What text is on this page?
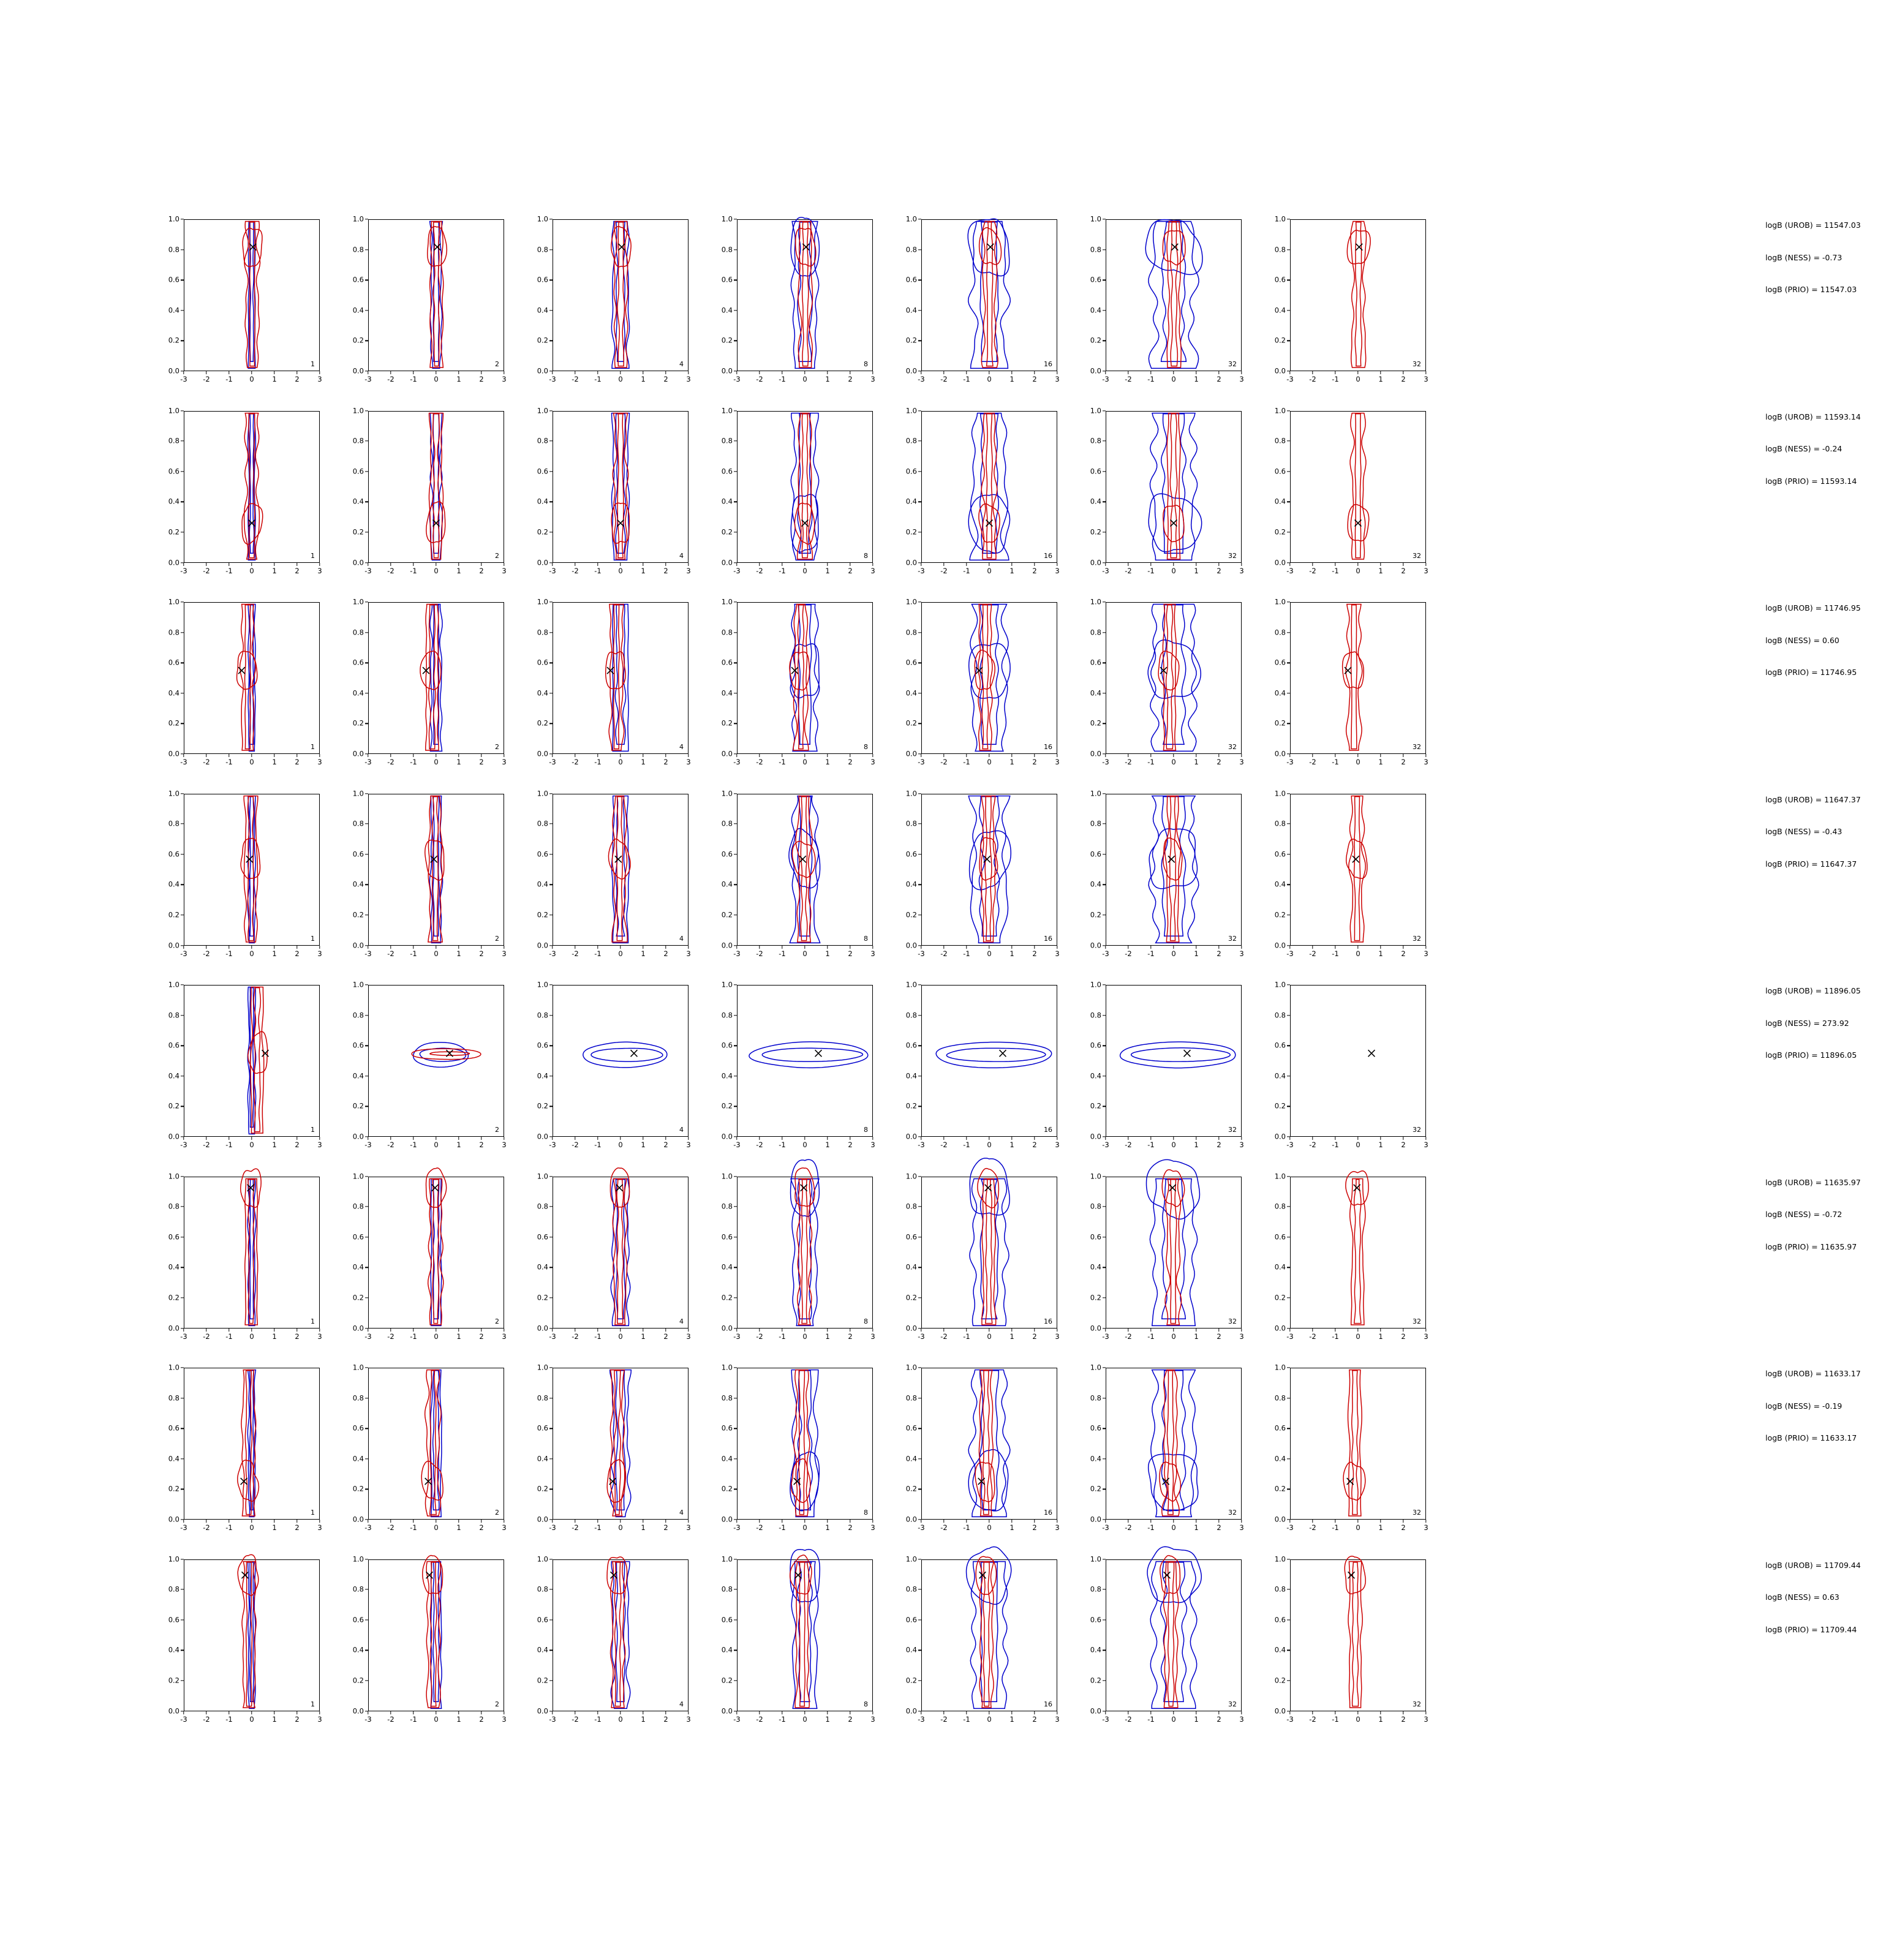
1
0.0
0.2
0.4
0.6
0.8
1.0
-3 -2 -1 0	1	2	3
2
0.0
0.2
0.4
0.6
0.8
1.0
-3 -2 -1 0	1	2	3
4
0.0
0.2
0.4
0.6
0.8
1.0
-3 -2 -1 0	1	2	3
8
0.0
0.2
0.4
0.6
0.8
1.0
-3 -2 -1 0	1	2	3
16
0.0
0.2
0.4
0.6
0.8
1.0
-3 -2 -1 0	1	2	3
32
0.0
0.2
0.4
0.6
0.8
1.0
-3 -2 -1 0	1	2	3
32
0.0
0.2
0.4
0.6
0.8
1.0
-3 -2 -1 0	1	2	3
logB (UROB) = 11547.03
logB (NESS) = -0.73
logB (PRIO) = 11547.03
1
0.0
0.2
0.4
0.6
0.8
1.0
-3 -2 -1 0	1	2	3
2
0.0
0.2
0.4
0.6
0.8
1.0
-3 -2 -1 0	1	2	3
4
0.0
0.2
0.4
0.6
0.8
1.0
-3 -2 -1 0	1	2	3
8
0.0
0.2
0.4
0.6
0.8
1.0
-3 -2 -1 0	1	2	3
16
0.0
0.2
0.4
0.6
0.8
1.0
-3 -2 -1 0	1	2	3
32
0.0
0.2
0.4
0.6
0.8
1.0
-3 -2 -1 0	1	2	3
32
0.0
0.2
0.4
0.6
0.8
1.0
-3 -2 -1 0	1	2	3
logB (UROB) = 11593.14
logB (NESS) = -0.24
logB (PRIO) = 11593.14
1
0.0
0.2
0.4
0.6
0.8
1.0
-3 -2 -1 0	1	2	3
2
0.0
0.2
0.4
0.6
0.8
1.0
-3 -2 -1 0	1	2	3
4
0.0
0.2
0.4
0.6
0.8
1.0
-3 -2 -1 0	1	2	3
8
0.0
0.2
0.4
0.6
0.8
1.0
-3 -2 -1 0	1	2	3
16
0.0
0.2
0.4
0.6
0.8
1.0
-3 -2 -1 0	1	2	3
32
0.0
0.2
0.4
0.6
0.8
1.0
-3 -2 -1 0	1	2	3
32
0.0
0.2
0.4
0.6
0.8
1.0
-3 -2 -1 0	1	2	3
logB (UROB) = 11746.95
logB (NESS) = 0.60
logB (PRIO) = 11746.95
1
0.0
0.2
0.4
0.6
0.8
1.0
-3 -2 -1 0	1	2	3
2
0.0
0.2
0.4
0.6
0.8
1.0
-3 -2 -1 0	1	2	3
4
0.0
0.2
0.4
0.6
0.8
1.0
-3 -2 -1 0	1	2	3
8
0.0
0.2
0.4
0.6
0.8
1.0
-3 -2 -1 0	1	2	3
16
0.0
0.2
0.4
0.6
0.8
1.0
-3 -2 -1 0	1	2	3
32
0.0
0.2
0.4
0.6
0.8
1.0
-3 -2 -1 0	1	2	3
32
0.0
0.2
0.4
0.6
0.8
1.0
-3 -2 -1 0	1	2	3
logB (UROB) = 11647.37
logB (NESS) = -0.43
logB (PRIO) = 11647.37
1
0.0
0.2
0.4
0.6
0.8
1.0
-3 -2 -1 0	1	2	3
2
0.0
0.2
0.4
0.6
0.8
1.0
-3 -2 -1 0	1	2	3
4
0.0
0.2
0.4
0.6
0.8
1.0
-3 -2 -1 0	1	2	3
8
0.0
0.2
0.4
0.6
0.8
1.0
-3 -2 -1 0	1	2	3
16
0.0
0.2
0.4
0.6
0.8
1.0
-3 -2 -1 0	1	2	3
32
0.0
0.2
0.4
0.6
0.8
1.0
-3 -2 -1 0	1	2	3
32
0.0
0.2
0.4
0.6
0.8
1.0
-3 -2 -1 0	1	2	3
logB (UROB) = 11896.05
logB (NESS) = 273.92
logB (PRIO) = 11896.05
1
0.0
0.2
0.4
0.6
0.8
1.0
-3 -2 -1 0	1	2	3
2
0.0
0.2
0.4
0.6
0.8
1.0
-3 -2 -1 0	1	2	3
4
0.0
0.2
0.4
0.6
0.8
1.0
-3 -2 -1 0	1	2	3
8
0.0
0.2
0.4
0.6
0.8
1.0
-3 -2 -1 0	1	2	3
16
0.0
0.2
0.4
0.6
0.8
1.0
-3 -2 -1 0	1	2	3
32
0.0
0.2
0.4
0.6
0.8
1.0
-3 -2 -1 0	1	2	3
32
0.0
0.2
0.4
0.6
0.8
1.0
-3 -2 -1 0	1	2	3
logB (UROB) = 11635.97
logB (NESS) = -0.72
logB (PRIO) = 11635.97
1
0.0
0.2
0.4
0.6
0.8
1.0
-3 -2 -1 0	1	2	3
2
0.0
0.2
0.4
0.6
0.8
1.0
-3 -2 -1 0	1	2	3
4
0.0
0.2
0.4
0.6
0.8
1.0
-3 -2 -1 0	1	2	3
8
0.0
0.2
0.4
0.6
0.8
1.0
-3 -2 -1 0	1	2	3
16
0.0
0.2
0.4
0.6
0.8
1.0
-3 -2 -1 0	1	2	3
32
0.0
0.2
0.4
0.6
0.8
1.0
-3 -2 -1 0	1	2	3
32
0.0
0.2
0.4
0.6
0.8
1.0
-3 -2 -1 0	1	2	3
logB (UROB) = 11633.17
logB (NESS) = -0.19
logB (PRIO) = 11633.17
1
0.0
0.2
0.4
0.6
0.8
1.0
-3 -2 -1 0	1	2	3
2
0.0
0.2
0.4
0.6
0.8
1.0
-3 -2 -1 0	1	2	3
4
0.0
0.2
0.4
0.6
0.8
1.0
-3 -2 -1 0	1	2	3
8
0.0
0.2
0.4
0.6
0.8
1.0
-3 -2 -1 0	1	2	3
16
0.0
0.2
0.4
0.6
0.8
1.0
-3 -2 -1 0	1	2	3
32
0.0
0.2
0.4
0.6
0.8
1.0
-3 -2 -1 0	1	2	3
32
0.0
0.2
0.4
0.6
0.8
1.0
-3 -2 -1 0	1	2	3
logB (UROB) = 11709.44
logB (NESS) = 0.63
logB (PRIO) = 11709.44
